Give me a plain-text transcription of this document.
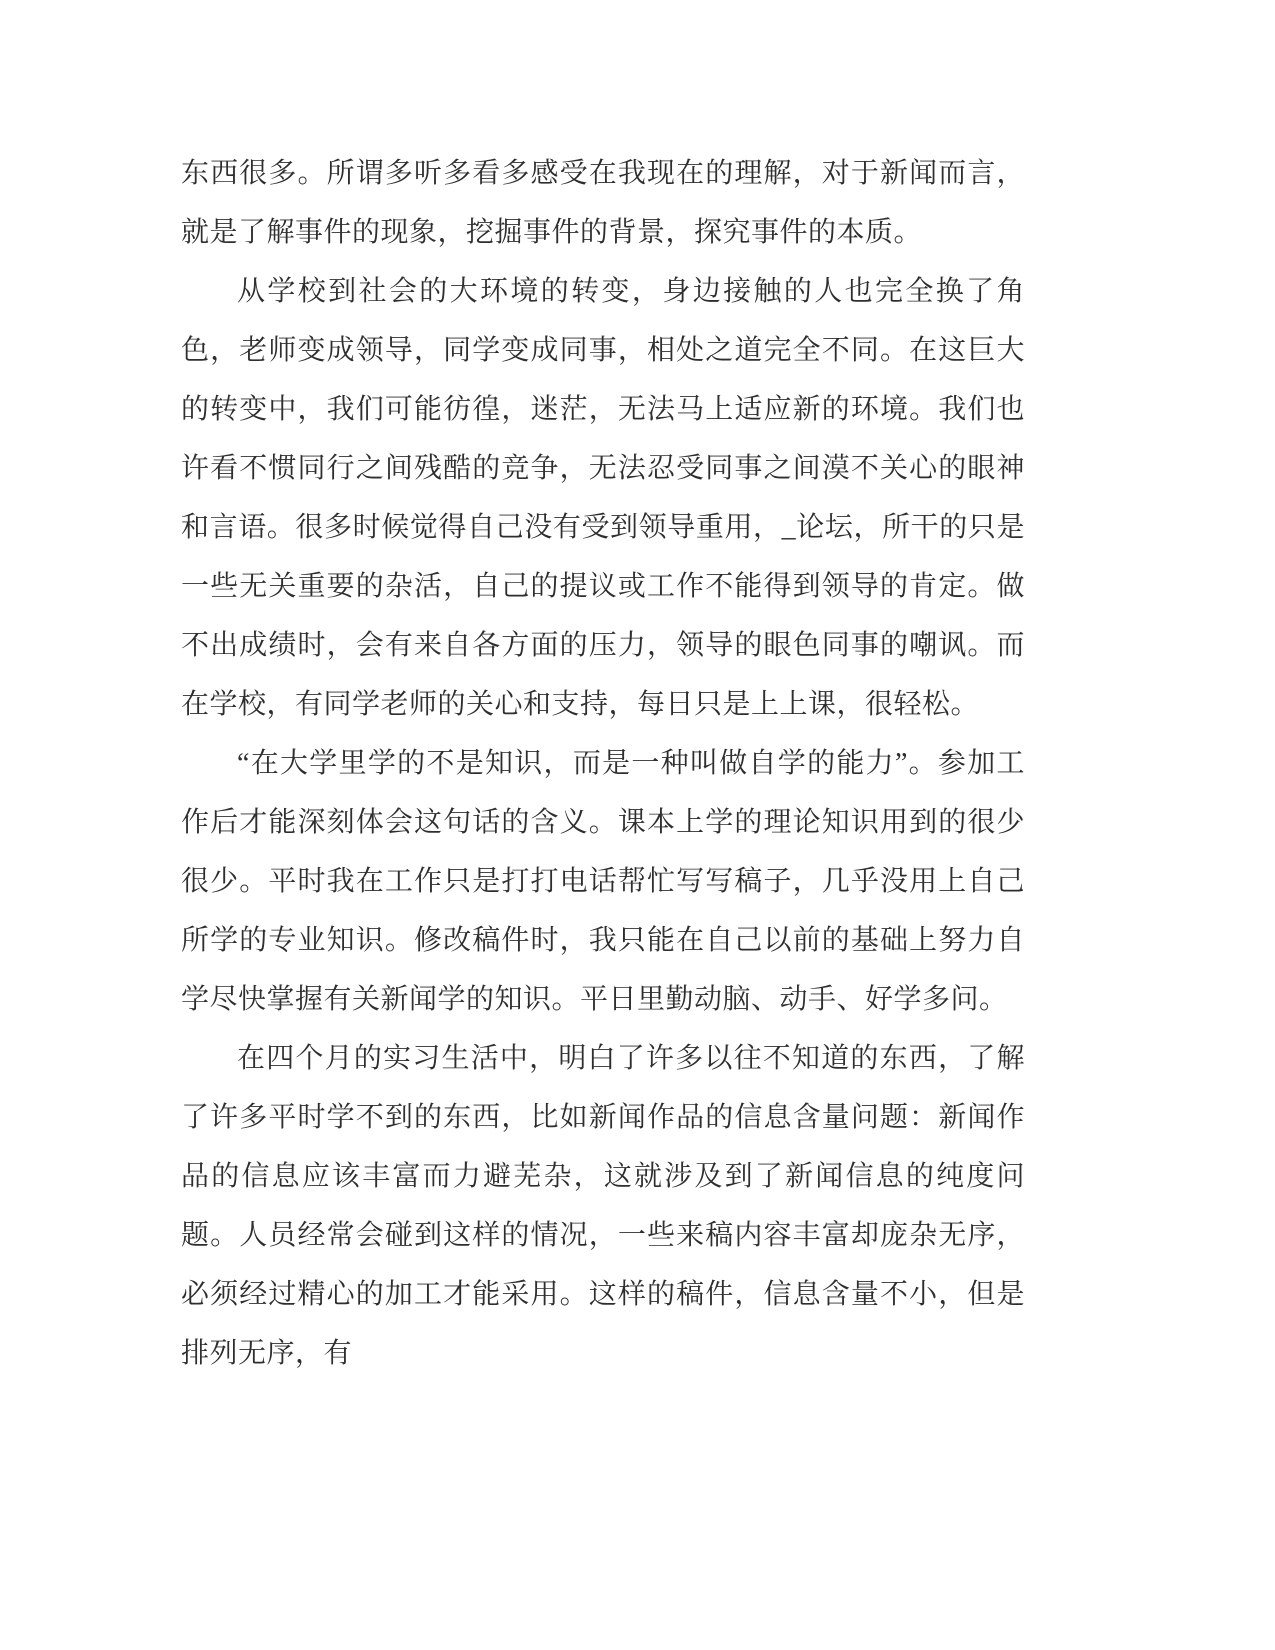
东西很多。所谓多听多看多感受在我现在的理解，对于新闻而言，就是了解事件的现象，挖掘事件的背景，探究事件的本质。

从学校到社会的大环境的转变，身边接触的人也完全换了角色，老师变成领导，同学变成同事，相处之道完全不同。在这巨大的转变中，我们可能彷徨，迷茫，无法马上适应新的环境。我们也许看不惯同行之间残酷的竞争，无法忍受同事之间漠不关心的眼神和言语。很多时候觉得自己没有受到领导重用，_论坛，所干的只是一些无关重要的杂活，自己的提议或工作不能得到领导的肯定。做不出成绩时，会有来自各方面的压力，领导的眼色同事的嘲讽。而在学校，有同学老师的关心和支持，每日只是上上课，很轻松。

“在大学里学的不是知识，而是一种叫做自学的能力”。参加工作后才能深刻体会这句话的含义。课本上学的理论知识用到的很少很少。平时我在工作只是打打电话帮忙写写稿子，几乎没用上自己所学的专业知识。修改稿件时，我只能在自己以前的基础上努力自学尽快掌握有关新闻学的知识。平日里勤动脑、动手、好学多问。

在四个月的实习生活中，明白了许多以往不知道的东西，了解了许多平时学不到的东西，比如新闻作品的信息含量问题：新闻作品的信息应该丰富而力避芜杂，这就涉及到了新闻信息的纯度问题。人员经常会碰到这样的情况，一些来稿内容丰富却庞杂无序，必须经过精心的加工才能采用。这样的稿件，信息含量不小，但是排列无序，有
